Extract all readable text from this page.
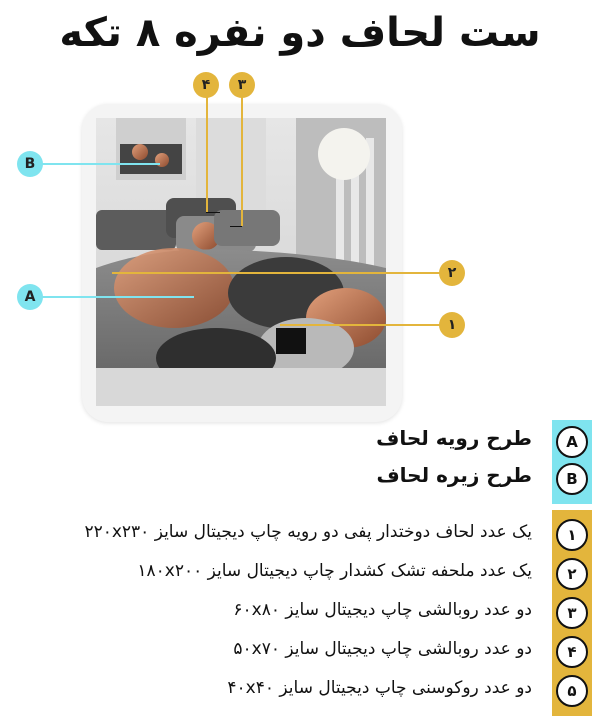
ست لحاف دو نفره ۸ تکه
۴	۳
B
۲
A
۱
A
طرح رویه لحاف
B
طرح زیره لحاف
۱
یک عدد لحاف دوختدار پفی دو رویه چاپ دیجیتال سایز ۲۲۰x۲۳۰
۲
یک عدد ملحفه تشک کشدار چاپ دیجیتال سایز ۱۸۰x۲۰۰
۳
دو عدد روبالشی چاپ دیجیتال سایز ۶۰x۸۰
۴
دو عدد روبالشی چاپ دیجیتال سایز ۵۰x۷۰
۵
دو عدد روکوسنی چاپ دیجیتال سایز ۴۰x۴۰
